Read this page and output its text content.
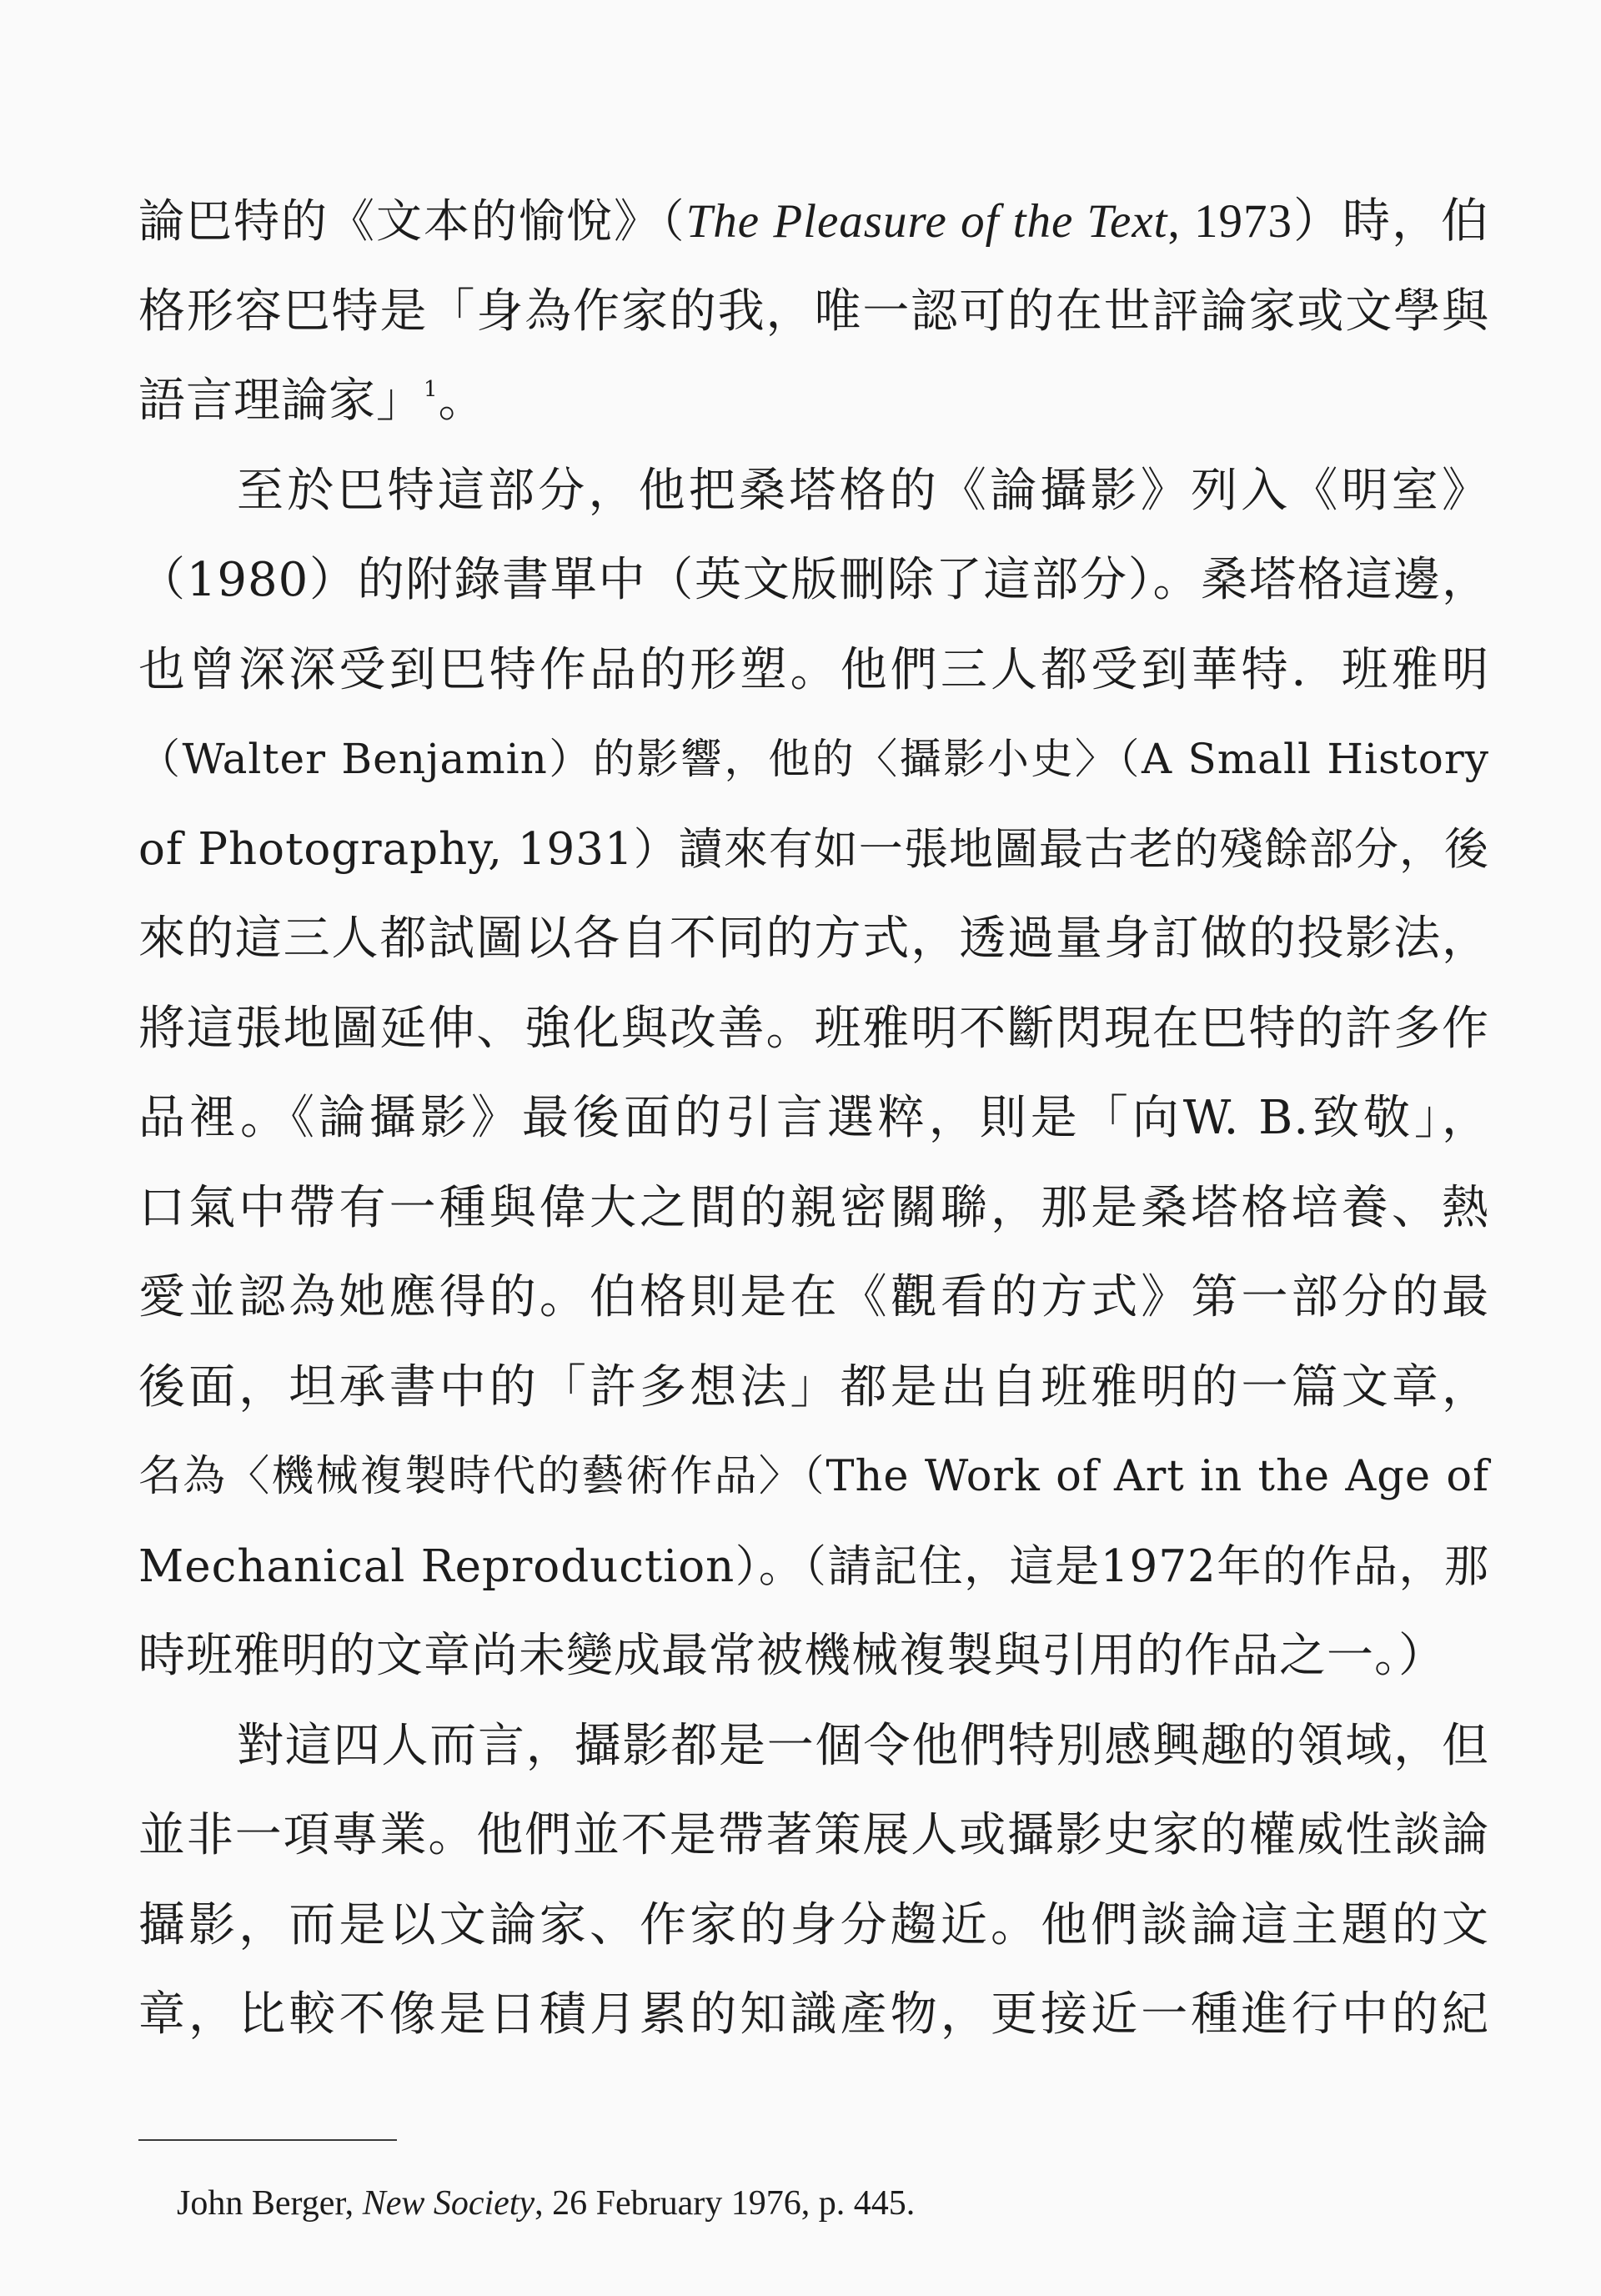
論巴特的《文本的愉悅》（The Pleasure of the Text, 1973）時，伯
格形容巴特是「身為作家的我，唯一認可的在世評論家或文學與
語言理論家」$^1$。
至於巴特這部分，他把桑塔格的《論攝影》列入《明室》
（1980）的附錄書單中（英文版刪除了這部分）。桑塔格這邊，
也曾深深受到巴特作品的形塑。他們三人都受到華特．班雅明
（Walter Benjamin）的影響，他的〈攝影小史〉（A Small History
of Photography, 1931）讀來有如一張地圖最古老的殘餘部分，後
來的這三人都試圖以各自不同的方式，透過量身訂做的投影法，
將這張地圖延伸、強化與改善。班雅明不斷閃現在巴特的許多作
品裡。《論攝影》最後面的引言選粹，則是「向W. B.致敬」，
口氣中帶有一種與偉大之間的親密關聯，那是桑塔格培養、熱
愛並認為她應得的。伯格則是在《觀看的方式》第一部分的最
後面，坦承書中的「許多想法」都是出自班雅明的一篇文章，
名為〈機械複製時代的藝術作品〉（The Work of Art in the Age of
Mechanical Reproduction）。（請記住，這是1972年的作品，那
時班雅明的文章尚未變成最常被機械複製與引用的作品之一。）
對這四人而言，攝影都是一個令他們特別感興趣的領域，但
並非一項專業。他們並不是帶著策展人或攝影史家的權威性談論
攝影，而是以文論家、作家的身分趨近。他們談論這主題的文
章，比較不像是日積月累的知識產物，更接近一種進行中的紀

John Berger, New Society, 26 February 1976, p. 445.
